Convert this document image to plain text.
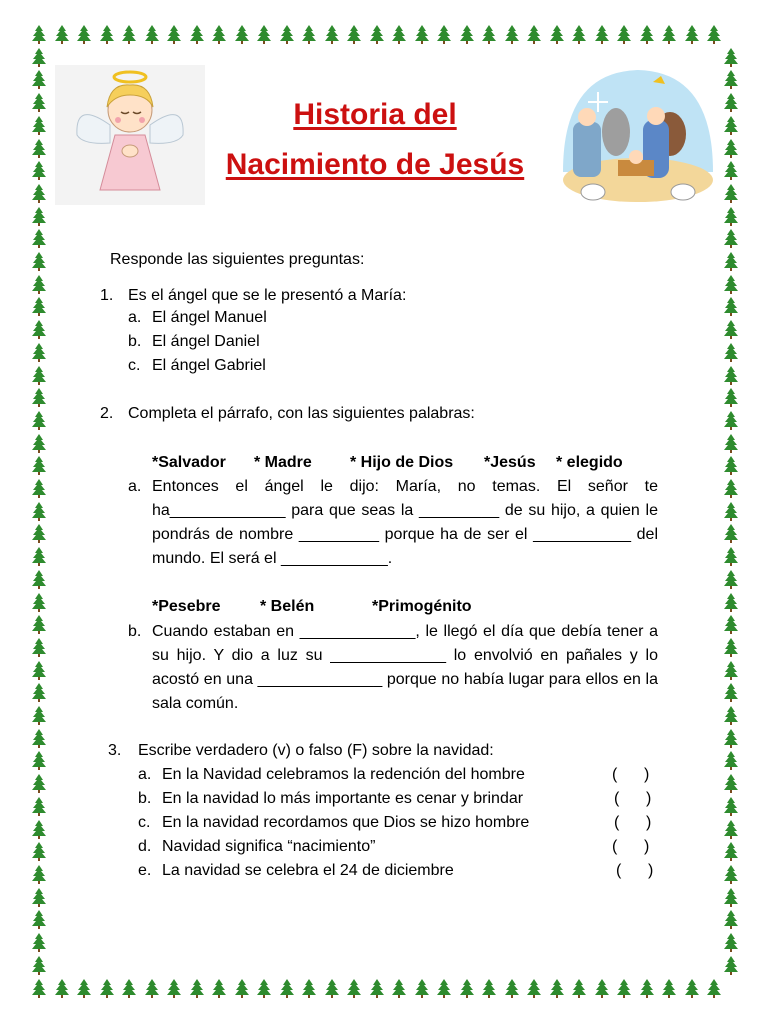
Historia del
Nacimiento de Jesús
Responde las siguientes preguntas:
1. Es el ángel que se le presentó a María:
a. El ángel Manuel
b. El ángel Daniel
c. El ángel Gabriel
2. Completa el párrafo, con las siguientes palabras:
*Salvador * Madre * Hijo de Dios *Jesús * elegido
a. Entonces el ángel le dijo: María, no temas. El señor te ha_____________ para que seas la _________ de su hijo, a quien le pondrás de nombre _________ porque ha de ser el ___________ del mundo. El será el ____________.
*Pesebre * Belén	*Primogénito
b. Cuando estaban en _____________, le llegó el día que debía tener a su hijo. Y dio a luz su _____________ lo envolvió en pañales y lo acostó en una ______________ porque no había lugar para ellos en la sala común.
3. Escribe verdadero (v) o falso (F) sobre la navidad:
a. En la Navidad celebramos la redención del hombre	(      )
b. En la navidad lo más importante es cenar y brindar	(      )
c. En la navidad recordamos que Dios se hizo hombre	(      )
d. Navidad significa “nacimiento”	(      )
e. La navidad se celebra el 24 de diciembre	(      )
